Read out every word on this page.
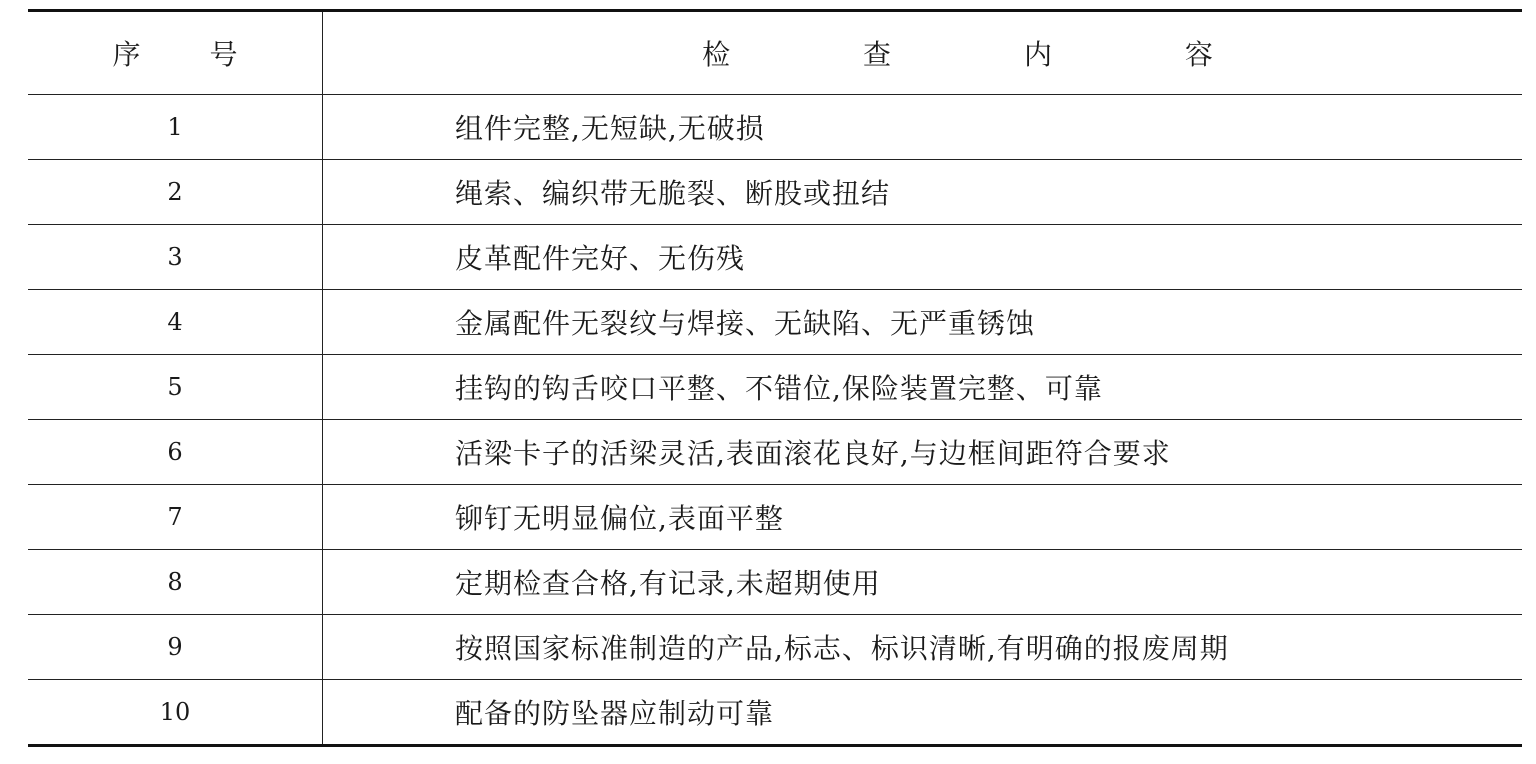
序 号	检 查 内 容
1	组件完整,无短缺,无破损
2	绳索、编织带无脆裂、断股或扭结
3	皮革配件完好、无伤残
4	金属配件无裂纹与焊接、无缺陷、无严重锈蚀
5	挂钩的钩舌咬口平整、不错位,保险装置完整、可靠
6	活梁卡子的活梁灵活,表面滚花良好,与边框间距符合要求
7	铆钉无明显偏位,表面平整
8	定期检查合格,有记录,未超期使用
9	按照国家标准制造的产品,标志、标识清晰,有明确的报废周期
10	配备的防坠器应制动可靠
